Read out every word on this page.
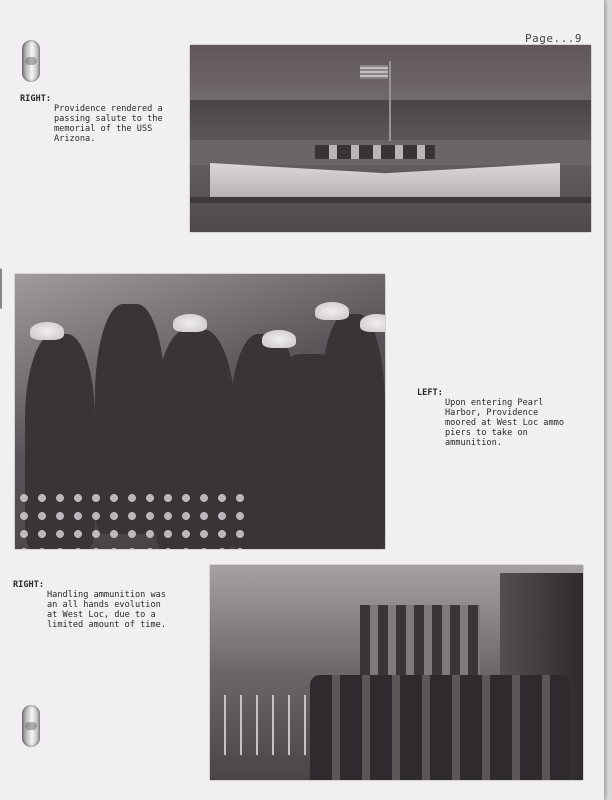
Page...9
RIGHT:
Providence rendered a passing salute to the memorial of the USS Arizona.
LEFT:
Upon entering Pearl Harbor, Providence moored at West Loc ammo piers to take on ammunition.
RIGHT:
Handling ammunition was an all hands evolution at West Loc, due to a limited amount of time.
